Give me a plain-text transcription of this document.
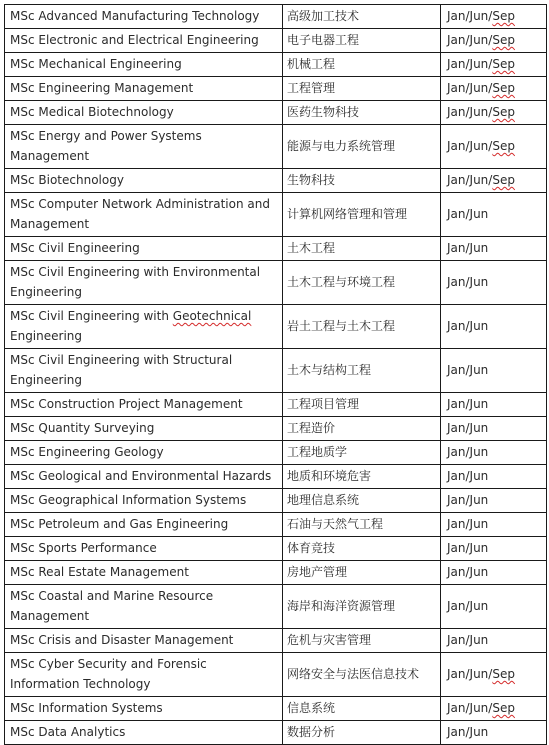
MSc Advanced Manufacturing Technology	高级加工技术	Jan/Jun/Sep
MSc Electronic and Electrical Engineering	电子电器工程	Jan/Jun/Sep
MSc Mechanical Engineering	机械工程	Jan/Jun/Sep
MSc Engineering Management	工程管理	Jan/Jun/Sep
MSc Medical Biotechnology	医药生物科技	Jan/Jun/Sep
MSc Energy and Power Systems Management	能源与电力系统管理	Jan/Jun/Sep
MSc Biotechnology	生物科技	Jan/Jun/Sep
MSc Computer Network Administration and Management	计算机网络管理和管理	Jan/Jun
MSc Civil Engineering	土木工程	Jan/Jun
MSc Civil Engineering with Environmental Engineering	土木工程与环境工程	Jan/Jun
MSc Civil Engineering with Geotechnical Engineering	岩土工程与土木工程	Jan/Jun
MSc Civil Engineering with Structural Engineering	土木与结构工程	Jan/Jun
MSc Construction Project Management	工程项目管理	Jan/Jun
MSc Quantity Surveying	工程造价	Jan/Jun
MSc Engineering Geology	工程地质学	Jan/Jun
MSc Geological and Environmental Hazards	地质和环境危害	Jan/Jun
MSc Geographical Information Systems	地理信息系统	Jan/Jun
MSc Petroleum and Gas Engineering	石油与天然气工程	Jan/Jun
MSc Sports Performance	体育竞技	Jan/Jun
MSc Real Estate Management	房地产管理	Jan/Jun
MSc Coastal and Marine Resource Management	海岸和海洋资源管理	Jan/Jun
MSc Crisis and Disaster Management	危机与灾害管理	Jan/Jun
MSc Cyber Security and Forensic Information Technology	网络安全与法医信息技术	Jan/Jun/Sep
MSc Information Systems	信息系统	Jan/Jun/Sep
MSc Data Analytics	数据分析	Jan/Jun
